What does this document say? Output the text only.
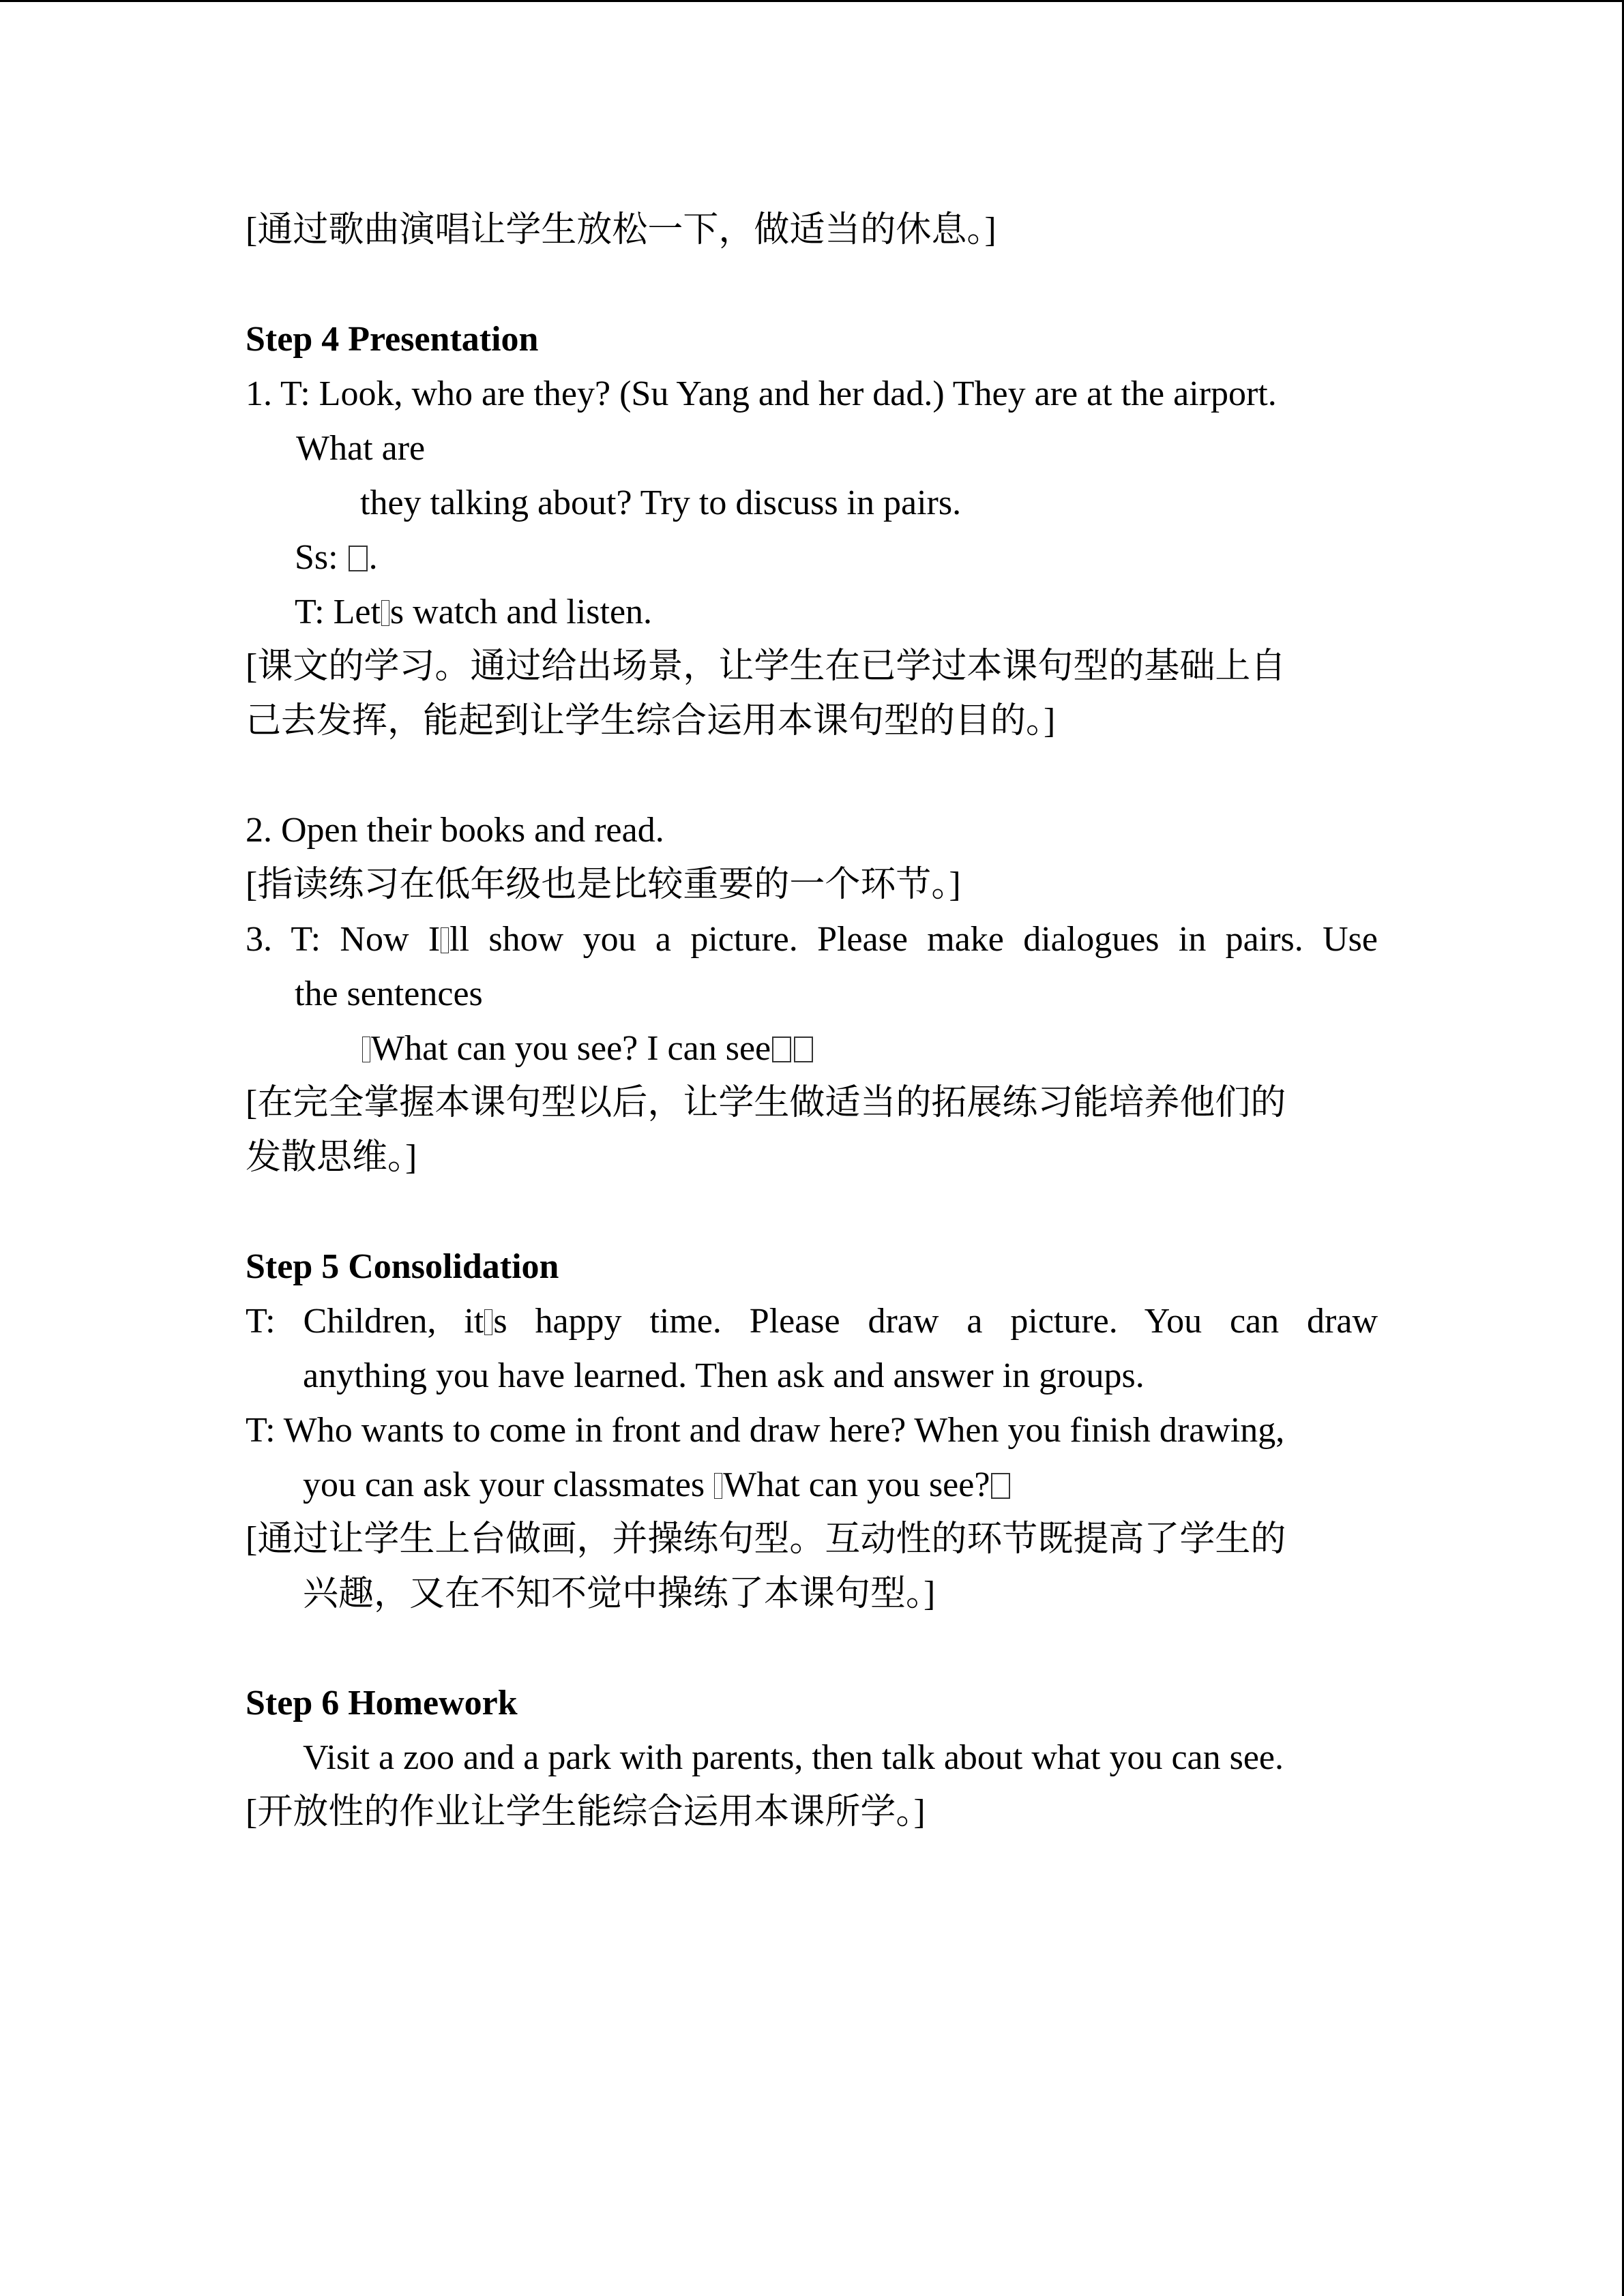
[通过歌曲演唱让学生放松一下，做适当的休息。]
Step 4 Presentation
1. T: Look, who are they? (Su Yang and her dad.) They are at the airport.
What are
they talking about? Try to discuss in pairs.
Ss: .
T: Let s watch and listen.
[课文的学习。通过给出场景，让学生在已学过本课句型的基础上自
己去发挥，能起到让学生综合运用本课句型的目的。]
2. Open their books and read.
[指读练习在低年级也是比较重要的一个环节。]
3. T: Now I ll show you a picture. Please make dialogues in pairs. Use
the sentences
What can you see? I can see
[在完全掌握本课句型以后，让学生做适当的拓展练习能培养他们的
发散思维。]
Step 5 Consolidation
T: Children, it s happy time. Please draw a picture. You can draw
anything you have learned. Then ask and answer in groups.
T: Who wants to come in front and draw here? When you finish drawing,
you can ask your classmates What can you see?
[通过让学生上台做画，并操练句型。互动性的环节既提高了学生的
兴趣，又在不知不觉中操练了本课句型。]
Step 6 Homework
Visit a zoo and a park with parents, then talk about what you can see.
[开放性的作业让学生能综合运用本课所学。]
